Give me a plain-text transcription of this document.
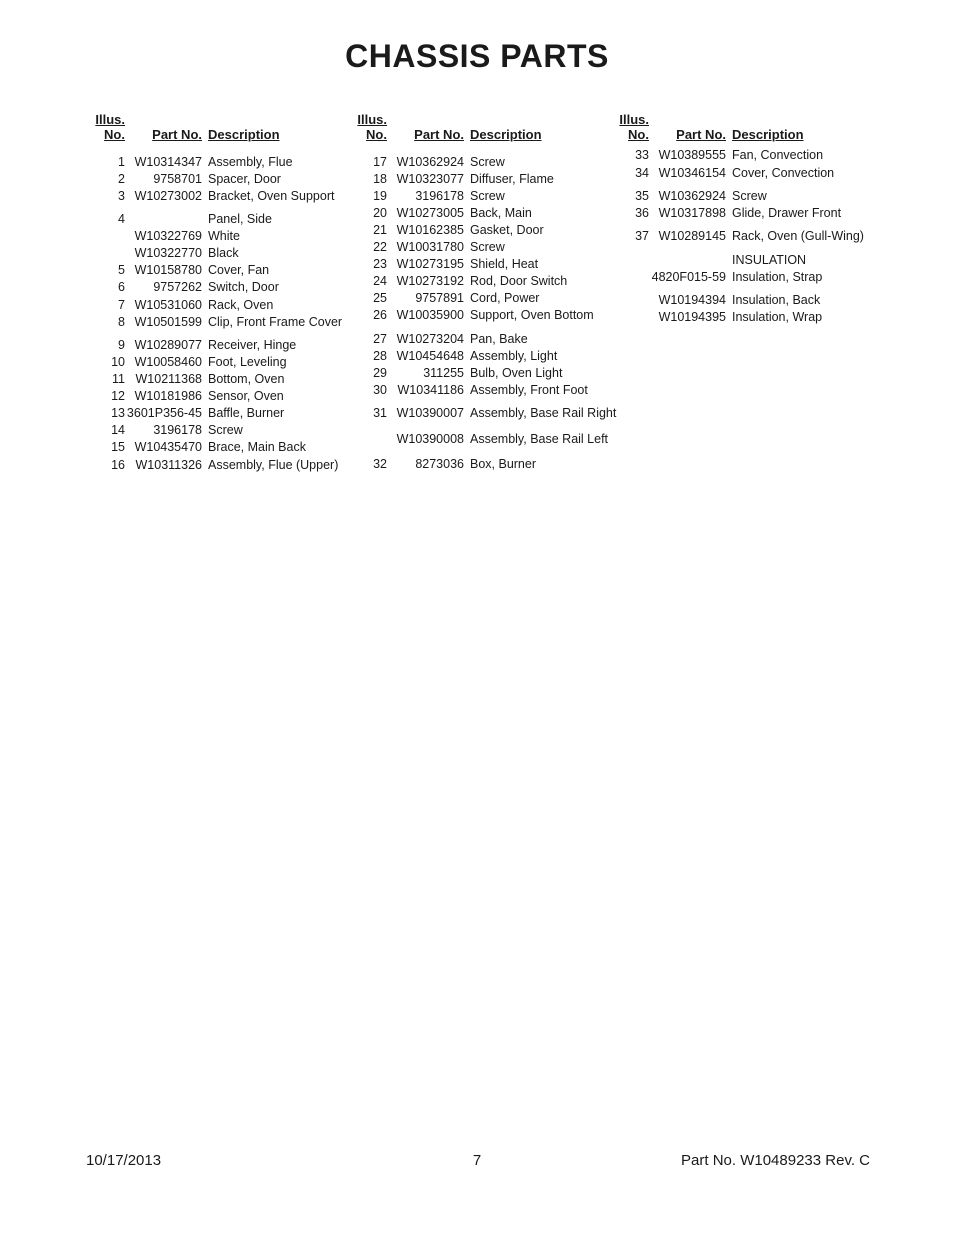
CHASSIS PARTS
Illus.
No. Part No. Description
1 W10314347 Assembly, Flue
2 9758701 Spacer, Door
3 W10273002 Bracket, Oven Support
4	Panel, Side
W10322769 White
W10322770 Black
5 W10158780 Cover, Fan
6 9757262 Switch, Door
7 W10531060 Rack, Oven
8 W10501599 Clip, Front Frame Cover
9 W10289077 Receiver, Hinge
10 W10058460 Foot, Leveling
11 W10211368 Bottom, Oven
12 W10181986 Sensor, Oven
13 3601P356-45 Baffle, Burner
14 3196178 Screw
15 W10435470 Brace, Main Back
16 W10311326 Assembly, Flue (Upper)
Illus.
No. Part No. Description
17 W10362924 Screw
18 W10323077 Diffuser, Flame
19 3196178 Screw
20 W10273005 Back, Main
21 W10162385 Gasket, Door
22 W10031780 Screw
23 W10273195 Shield, Heat
24 W10273192 Rod, Door Switch
25 9757891 Cord, Power
26 W10035900 Support, Oven Bottom
27 W10273204 Pan, Bake
28 W10454648 Assembly, Light
29	311255 Bulb, Oven Light
30 W10341186 Assembly, Front Foot
31 W10390007 Assembly, Base Rail Right
W10390008 Assembly, Base Rail Left
32 8273036 Box, Burner
Illus.
No. Part No. Description
33 W10389555 Fan, Convection
34 W10346154 Cover, Convection
35 W10362924 Screw
36 W10317898 Glide, Drawer Front
37 W10289145 Rack, Oven (Gull-Wing)
INSULATION
4820F015-59 Insulation, Strap
W10194394 Insulation, Back
W10194395 Insulation, Wrap
10/17/2013	7	Part No. W10489233 Rev. C
